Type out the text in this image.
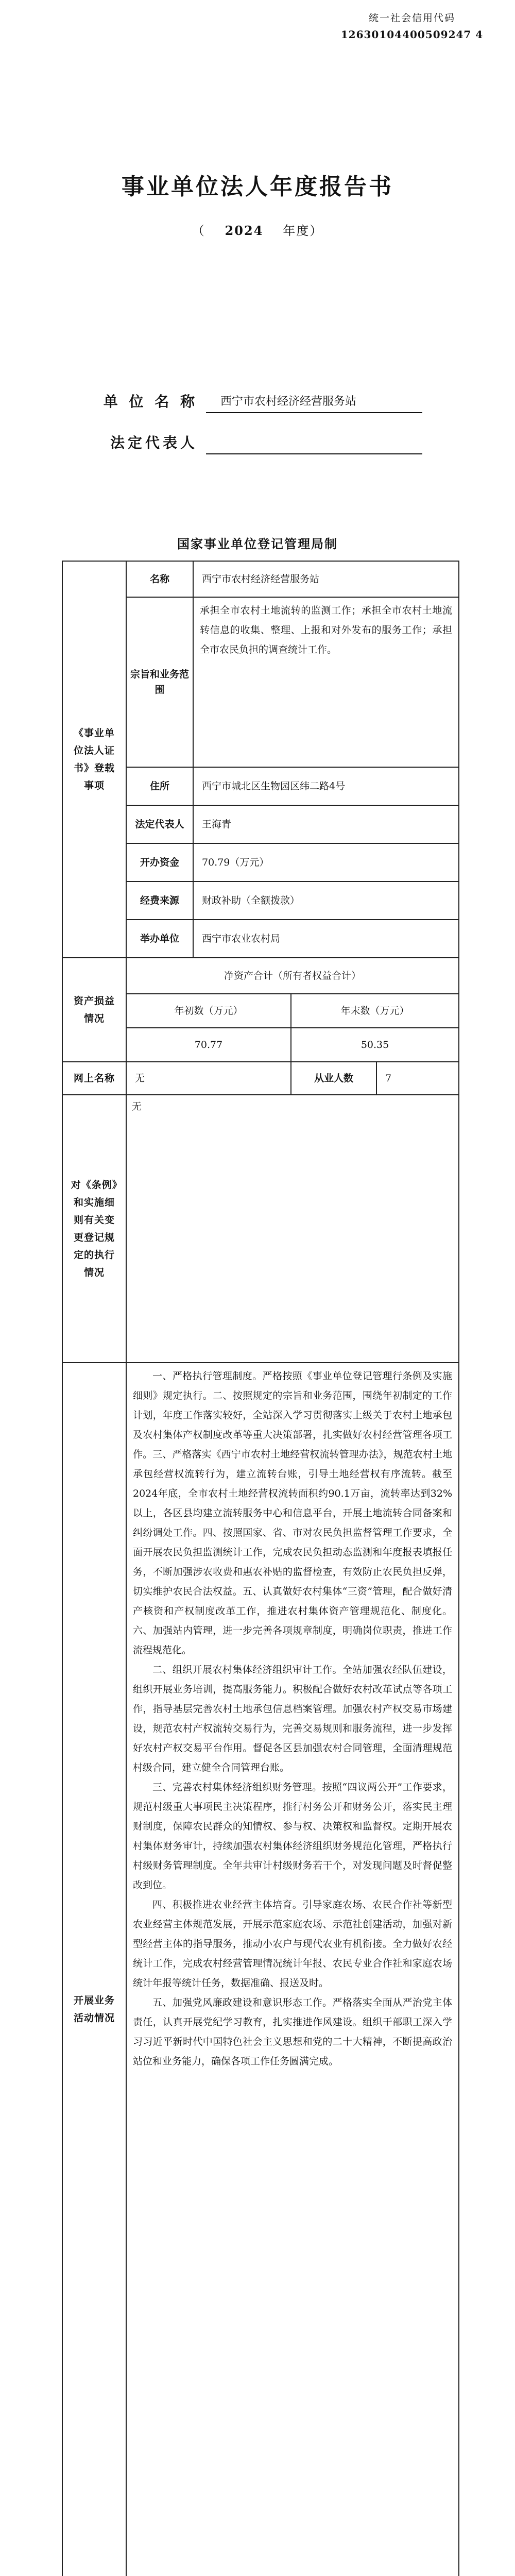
统一社会信用代码
12630104400509247 4
事业单位法人年度报告书
（ 2024 年度）
单 位 名 称	西宁市农村经济经营服务站
法定代表人
国家事业单位登记管理局制
《事业单位法人证书》登载事项	名称	西宁市农村经济经营服务站		
	宗旨和业务范围	承担全市农村土地流转的监测工作；承担全市农村土地流转信息的收集、整理、上报和对外发布的服务工作；承担全市农民负担的调查统计工作。		
	住所	西宁市城北区生物园区纬二路4号		
	法定代表人	王海青		
	开办资金	70.79（万元）		
	经费来源	财政补助（全额拨款）		
	举办单位	西宁市农业农村局		
资产损益情况	净资产合计（所有者权益合计）			
	年初数（万元）		年末数（万元）	
	70.77		50.35	
网上名称	无		从业人数	7
对《条例》和实施细则有关变更登记规定的执行情况	无			
开展业务活动情况	一、严格执行管理制度。严格按照《事业单位登记管理行条例及实施细则》规定执行。二、按照规定的宗旨和业务范围，围绕年初制定的工作计划，年度工作落实较好，全站深入学习贯彻落实上级关于农村土地承包及农村集体产权制度改革等重大决策部署，扎实做好农村经营管理各项工作。三、严格落实《西宁市农村土地经营权流转管理办法》，规范农村土地承包经营权流转行为，建立流转台账，引导土地经营权有序流转。截至2024年底，全市农村土地经营权流转面积约90.1万亩，流转率达到32%以上，各区县均建立流转服务中心和信息平台，开展土地流转合同备案和纠纷调处工作。四、按照国家、省、市对农民负担监督管理工作要求，全面开展农民负担监测统计工作，完成农民负担动态监测和年度报表填报任务，不断加强涉农收费和惠农补贴的监督检查，有效防止农民负担反弹，切实维护农民合法权益。五、认真做好农村集体“三资”管理，配合做好清产核资和产权制度改革工作，推进农村集体资产管理规范化、制度化。六、加强站内管理，进一步完善各项规章制度，明确岗位职责，推进工作流程规范化。

二、组织开展农村集体经济组织审计工作。全站加强农经队伍建设，组织开展业务培训，提高服务能力。积极配合做好农村改革试点等各项工作，指导基层完善农村土地承包信息档案管理。加强农村产权交易市场建设，规范农村产权流转交易行为，完善交易规则和服务流程，进一步发挥好农村产权交易平台作用。督促各区县加强农村合同管理，全面清理规范村级合同，建立健全合同管理台账。

三、完善农村集体经济组织财务管理。按照“四议两公开”工作要求，规范村级重大事项民主决策程序，推行村务公开和财务公开，落实民主理财制度，保障农民群众的知情权、参与权、决策权和监督权。定期开展农村集体财务审计，持续加强农村集体经济组织财务规范化管理，严格执行村级财务管理制度。全年共审计村级财务若干个，对发现问题及时督促整改到位。

四、积极推进农业经营主体培育。引导家庭农场、农民合作社等新型农业经营主体规范发展，开展示范家庭农场、示范社创建活动，加强对新型经营主体的指导服务，推动小农户与现代农业有机衔接。全力做好农经统计工作，完成农村经营管理情况统计年报、农民专业合作社和家庭农场统计年报等统计任务，数据准确、报送及时。

五、加强党风廉政建设和意识形态工作。严格落实全面从严治党主体责任，认真开展党纪学习教育，扎实推进作风建设。组织干部职工深入学习习近平新时代中国特色社会主义思想和党的二十大精神，不断提高政治站位和业务能力，确保各项工作任务圆满完成。			
